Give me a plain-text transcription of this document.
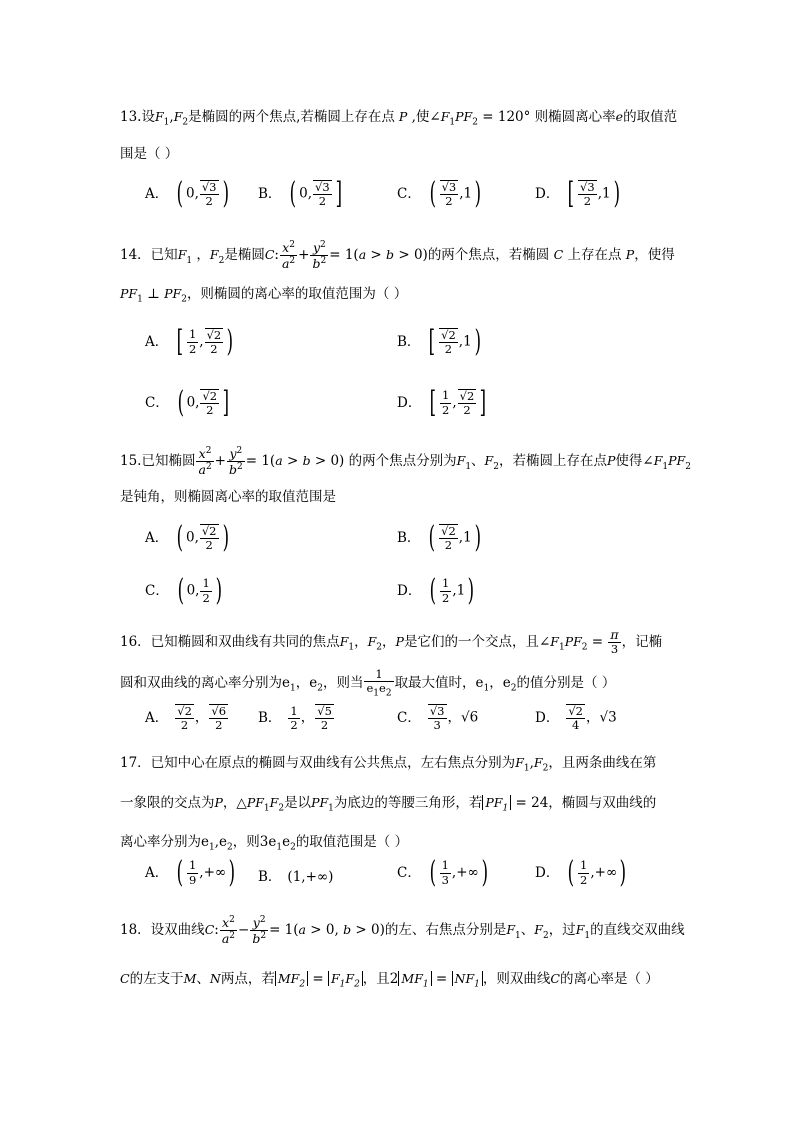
13.设$F_1,F_2$是椭圆的两个焦点,若椭圆上存在点 P ,使$\angle F_1PF_2 = 120^\circ$ 则椭圆离心率e的取值范
围是（ ）
A． ( 0, $\frac{√3}{2}$ ) B． ( 0, $\frac{√3}{2}$ ]	C． ( $\frac{√3}{2} ,1$)	D． [ $\frac{√3}{2} ,1$)
14．已知$F_1$ ，$F_2$是椭圆C: $\frac{x^2}{a^2} + \frac{y^2}{b^2} = 1(a > b > 0)$的两个焦点，若椭圆 C 上存在点 P，使得
$PF_1$ ⊥ $PF_2$，则椭圆的离心率的取值范围为（ ）
A． [ $\frac{1}{2}$ , $\frac{√2}{2}$ )	B． [ $\frac{√2}{2} ,1$)
C． ( 0, $\frac{√2}{2}$ ]	D． [ $\frac{1}{2}$ , $\frac{√2}{2}$ ]
15.已知椭圆 $\frac{x^2}{a^2} + \frac{y^2}{b^2} = 1(a > b > 0)$ 的两个焦点分别为$F_1$、$F_2$，若椭圆上存在点P使得$\angle F_1PF_2$
是钝角，则椭圆离心率的取值范围是
A． ( 0, $\frac{√2}{2}$ )	B． ( $\frac{√2}{2} ,1$)
C． ( 0, $\frac{1}{2}$ )	D． ( $\frac{1}{2} ,1$)
16．已知椭圆和双曲线有共同的焦点$F_1$，$F_2$，P是它们的一个交点，且$\angle F_1PF_2 = \frac{\pi}{3}$ ，记椭
圆和双曲线的离心率分别为$e_1$，$e_2$，则当 $\frac{1}{e_1e_2}$ 取最大值时，$e_1$，$e_2$的值分别是（ ）
A． $\frac{√2}{2}$ ， $\frac{√6}{2}$ B． $\frac{1}{2}$ ， $\frac{√5}{2}$	C． $\frac{√3}{3}$ ，√6	D． $\frac{√2}{4}$ ，√3
17．已知中心在原点的椭圆与双曲线有公共焦点，左右焦点分别为$F_1,F_2$，且两条曲线在第
一象限的交点为P，$\triangle PF_1F_2$是以$PF_1$为底边的等腰三角形，若 $PF_1 = 24$，椭圆与双曲线的
离心率分别为$e_1,e_2$，则$3e_1e_2$的取值范围是（ ）
A． ( $\frac{1}{9}$ ,+∞) B． (1,+∞)	C． ( $\frac{1}{3}$ ,+∞)	D． ( $\frac{1}{2}$ ,+∞)
18．设双曲线C: $\frac{x^2}{a^2} - \frac{y^2}{b^2} = 1(a > 0$, b > 0)的左、右焦点分别是$F_1$、$F_2$，过$F_1$的直线交双曲线
C的左支于M、N两点，若 $MF_2 = F_1F_2$ ，且2 $MF_1 = NF_1$ ，则双曲线C的离心率是（ ）
